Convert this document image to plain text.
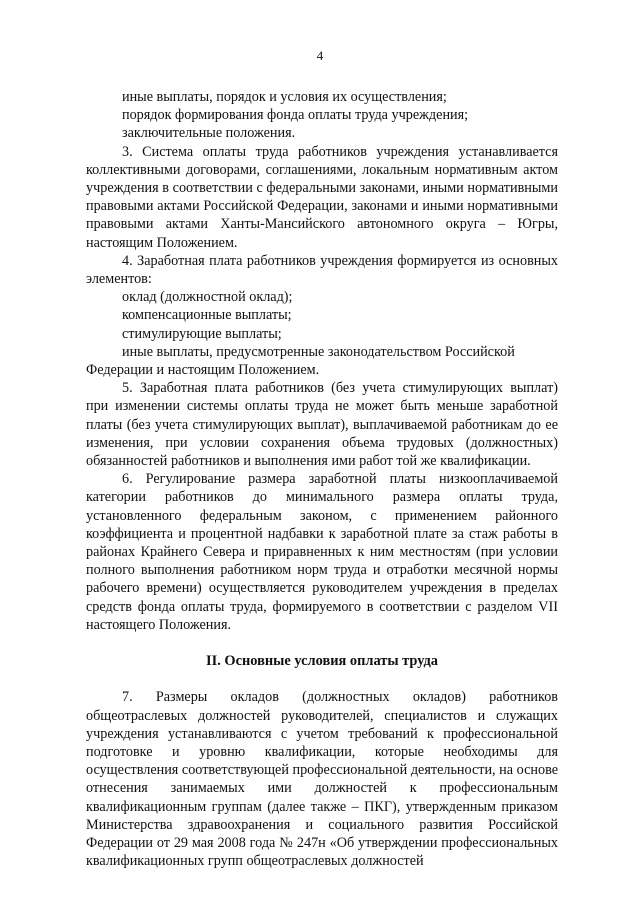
4

иные выплаты, порядок и условия их осуществления;

порядок формирования фонда оплаты труда учреждения;

заключительные положения.

3. Система оплаты труда работников учреждения устанавливается коллективными договорами, соглашениями, локальным нормативным актом учреждения в соответствии с федеральными законами, иными нормативными правовыми актами Российской Федерации, законами и иными нормативными правовыми актами Ханты-Мансийского автономного округа – Югры, настоящим Положением.

4. Заработная плата работников учреждения формируется из основных элементов:

оклад (должностной оклад);

компенсационные выплаты;

стимулирующие выплаты;

иные выплаты, предусмотренные законодательством Российской

Федерации и настоящим Положением.

5. Заработная плата работников (без учета стимулирующих выплат) при изменении системы оплаты труда не может быть меньше заработной платы (без учета стимулирующих выплат), выплачиваемой работникам до ее изменения, при условии сохранения объема трудовых (должностных) обязанностей работников и выполнения ими работ той же квалификации.

6. Регулирование размера заработной платы низкооплачиваемой категории работников до минимального размера оплаты труда, установленного федеральным законом, с применением районного коэффициента и процентной надбавки к заработной плате за стаж работы в районах Крайнего Севера и приравненных к ним местностям (при условии полного выполнения работником норм труда и отработки месячной нормы рабочего времени) осуществляется руководителем учреждения в пределах средств фонда оплаты труда, формируемого в соответствии с разделом VII настоящего Положения.

II. Основные условия оплаты труда

7. Размеры окладов (должностных окладов) работников общеотраслевых должностей руководителей, специалистов и служащих учреждения устанавливаются с учетом требований к профессиональной подготовке и уровню квалификации, которые необходимы для осуществления соответствующей профессиональной деятельности, на основе отнесения занимаемых ими должностей к профессиональным квалификационным группам (далее также – ПКГ), утвержденным приказом Министерства здравоохранения и социального развития Российской Федерации от 29 мая 2008 года № 247н «Об утверждении профессиональных квалификационных групп общеотраслевых должностей
